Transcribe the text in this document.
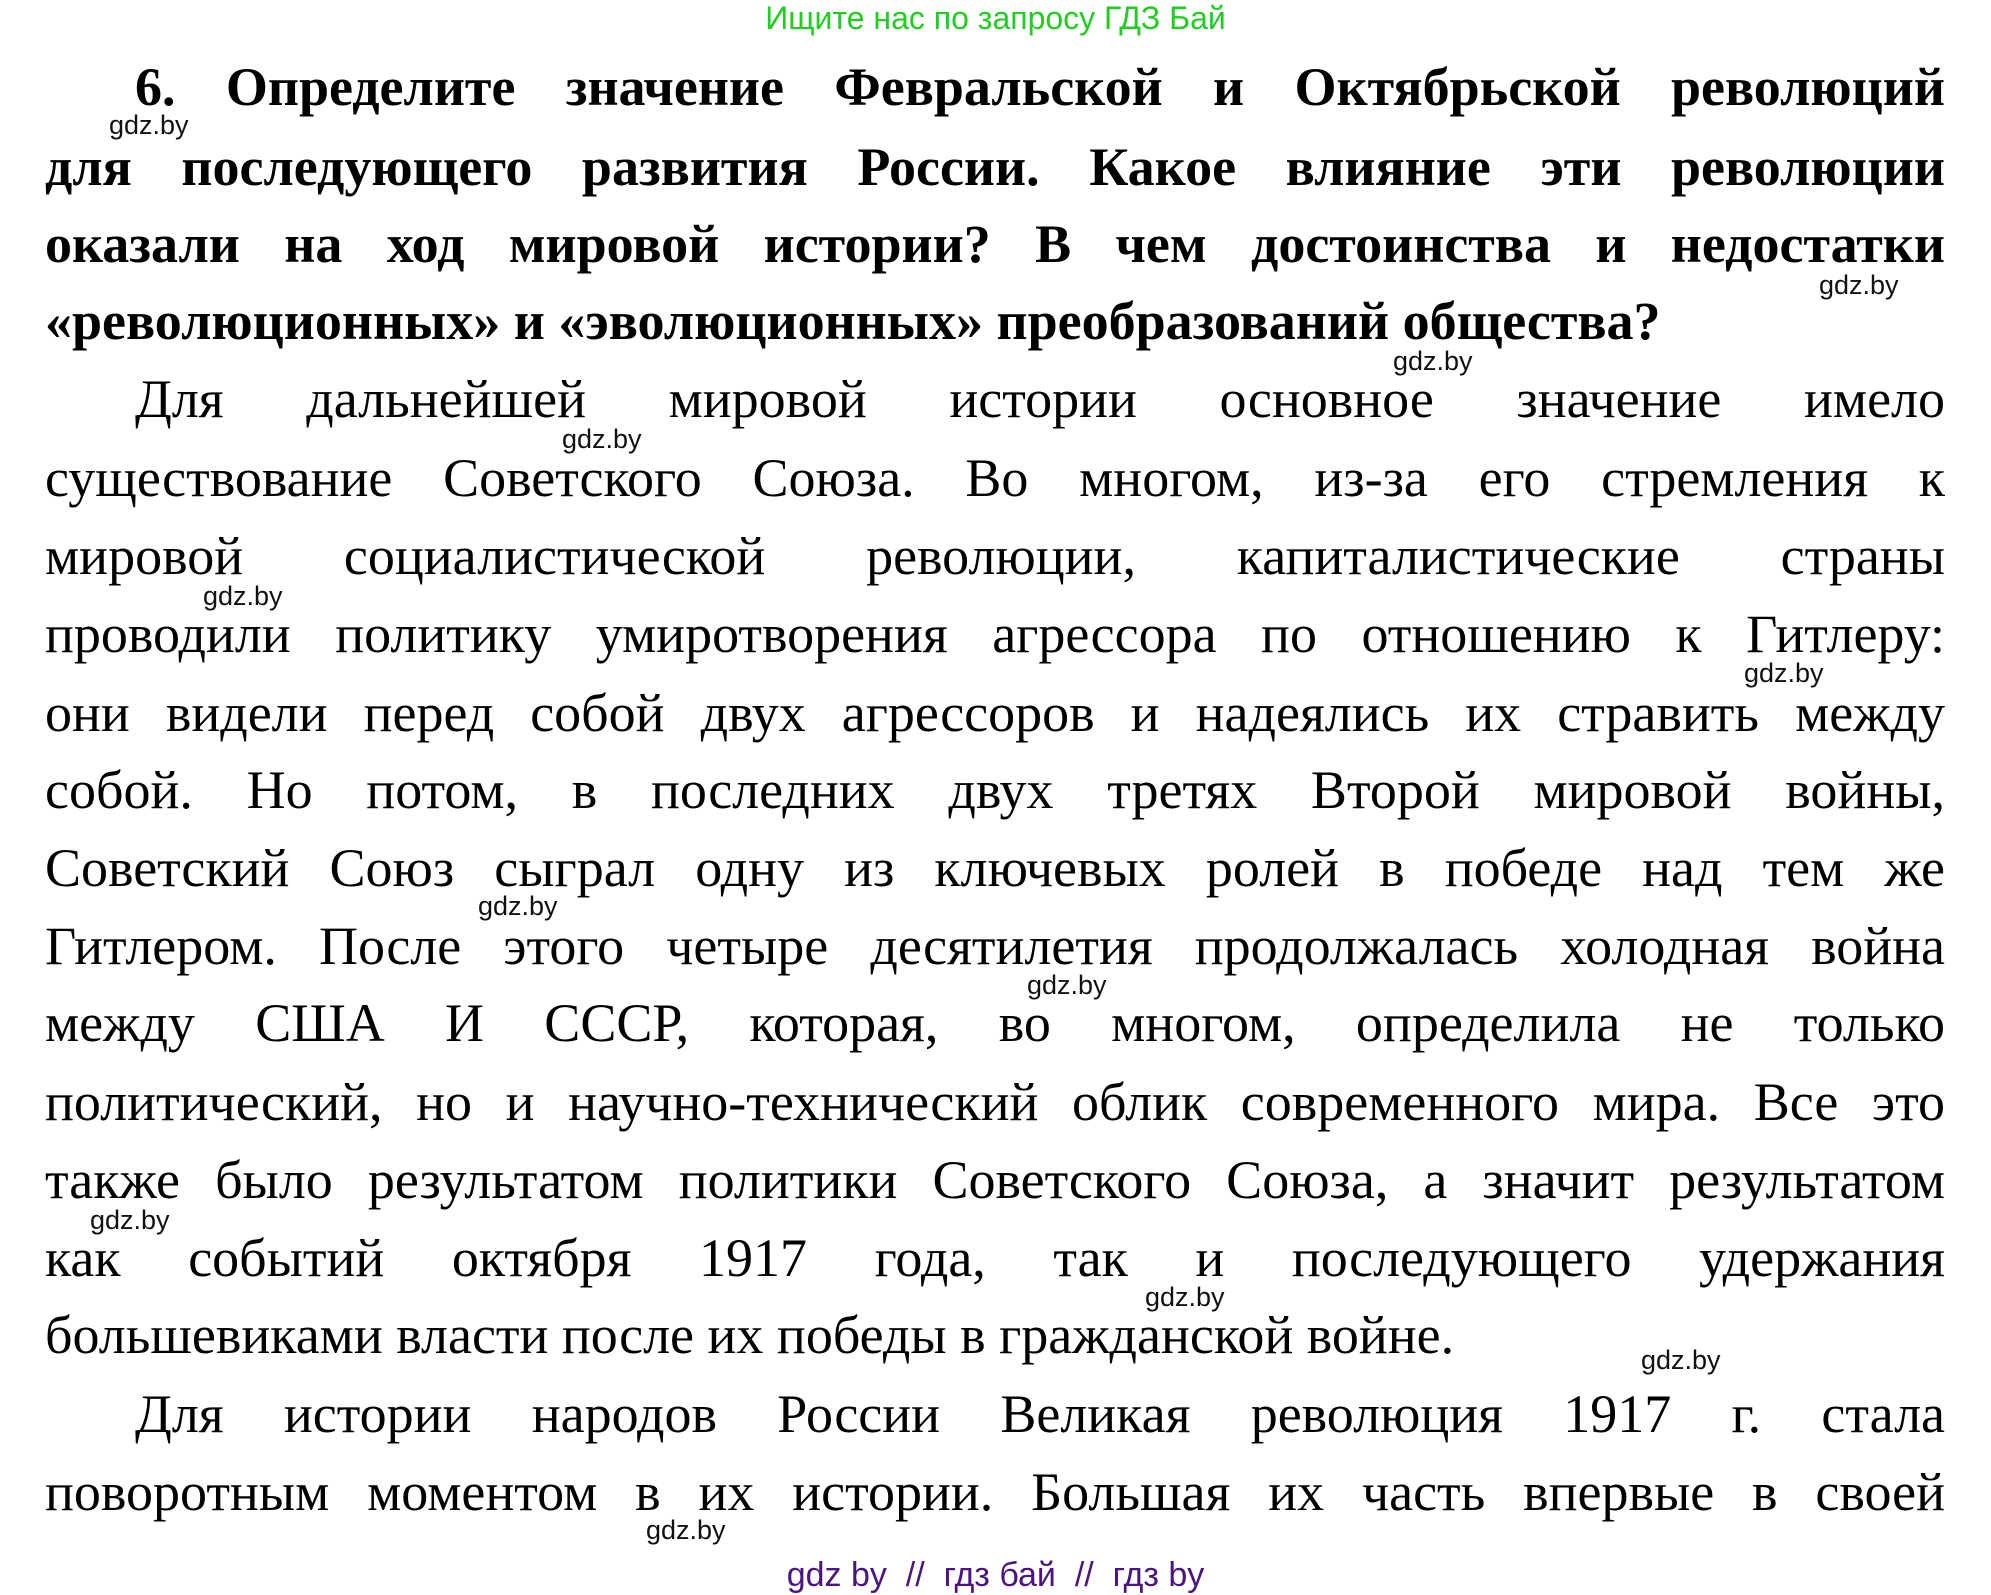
Ищите нас по запросу ГДЗ Бай
6. Определите значение Февральской и Октябрьской революций
для последующего развития России. Какое влияние эти революции
оказали на ход мировой истории? В чем достоинства и недостатки
«революционных» и «эволюционных» преобразований общества?
Для дальнейшей мировой истории основное значение имело
существование Советского Союза. Во многом, из-за его стремления к
мировой социалистической революции, капиталистические страны
проводили политику умиротворения агрессора по отношению к Гитлеру:
они видели перед собой двух агрессоров и надеялись их стравить между
собой. Но потом, в последних двух третях Второй мировой войны,
Советский Союз сыграл одну из ключевых ролей в победе над тем же
Гитлером. После этого четыре десятилетия продолжалась холодная война
между США И СССР, которая, во многом, определила не только
политический, но и научно-технический облик современного мира. Все это
также было результатом политики Советского Союза, а значит результатом
как событий октября 1917 года, так и последующего удержания
большевиками власти после их победы в гражданской войне.
Для истории народов России Великая революция 1917 г. стала
поворотным моментом в их истории. Большая их часть впервые в своей
gdz.by
gdz.by
gdz.by
gdz.by
gdz.by
gdz.by
gdz.by
gdz.by
gdz.by
gdz.by
gdz.by
gdz.by
gdz by  //  гдз бай  //  гдз by
